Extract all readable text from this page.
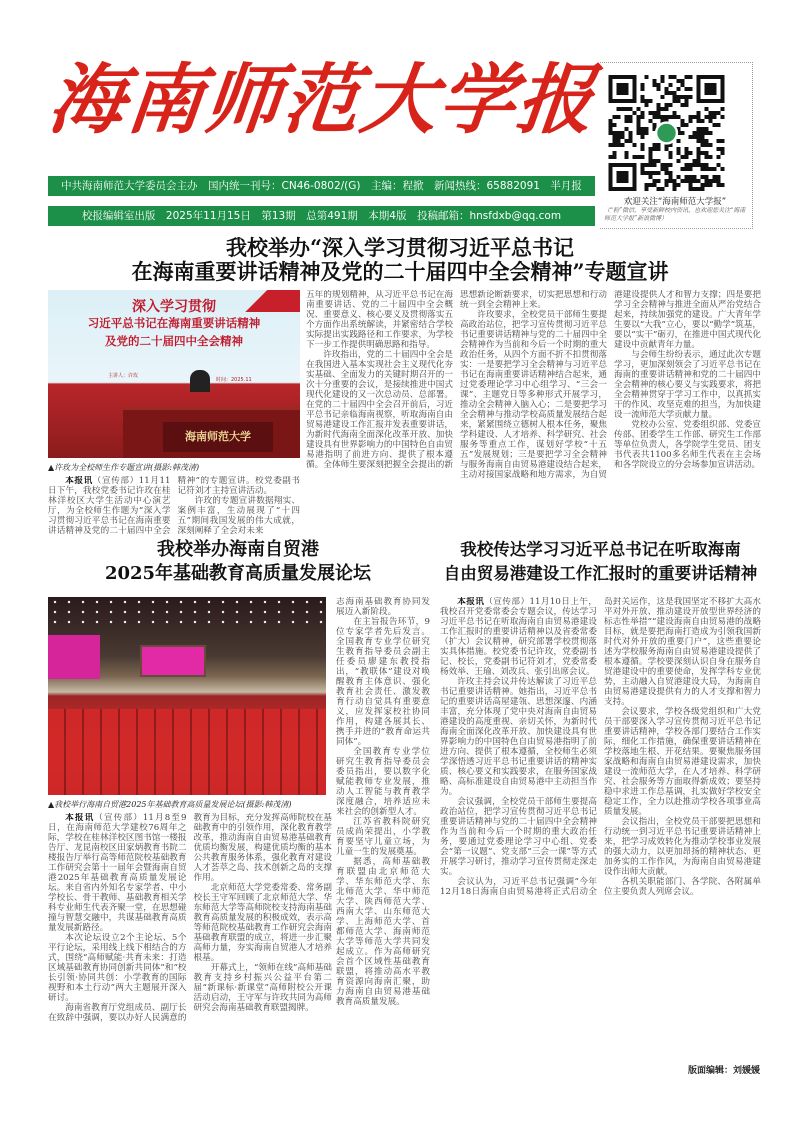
海南师范大学报
中共海南师范大学委员会主办　国内统一刊号：CN46-0802/(G)　主编：程掀　新闻热线：65882091　半月报
校报编辑室出版　2025年11月15日　第13期　总第491期　本期4版　投稿邮箱：hnsfdxb@qq.com
欢迎关注“海南师范大学报”
（“粉”微信，享受新鲜校内资讯，也欢迎您关注“海南师范大学报”新浪微博）
我校举办“深入学习贯彻习近平总书记
在海南重要讲话精神及党的二十届四中全会精神”专题宣讲
深入学习贯彻
习近平总书记在海南重要讲话精神
及党的二十届四中全会精神
主讲人：许玫
时间：2025.11
海南师范大学
▲许玫为全校师生作专题宣讲(摄影:韩茂清)

本报讯（宣传部）11月11日下午，我校党委书记许玫在桂林洋校区大学生活动中心演艺厅，为全校师生作题为“深入学习贯彻习近平总书记在海南重要讲话精神及党的二十届四中全会精神”的专题宣讲。校党委副书记符刘才主持宣讲活动。

许玫的专题宣讲数据翔实、案例丰富，生动展现了“十四五”期间我国发展的伟大成就，深刻阐释了全会对未来

五年的规划精神，从习近平总书记在海南重要讲话、党的二十届四中全会概况、重要意义、核心要义及贯彻落实五个方面作出系统解读，并紧密结合学校实际提出实践路径和工作要求，为学校下一步工作提供明确思路和指导。

许玫指出，党的二十届四中全会是在我国进入基本实现社会主义现代化夯实基础、全面发力的关键时期召开的一次十分重要的会议，是接续推进中国式现代化建设的又一次总动员、总部署。在党的二十届四中全会召开前后，习近平总书记亲临海南视察，听取海南自由贸易港建设工作汇报并发表重要讲话，为新时代海南全面深化改革开放、加快建设具有世界影响力的中国特色自由贸易港指明了前进方向、提供了根本遵循。全体师生要深刻把握全会提出的新思想新论断新要求，切实把思想和行动统一到全会精神上来。

许玫要求，全校党员干部师生要提高政治站位，把学习宣传贯彻习近平总书记重要讲话精神与党的二十届四中全会精神作为当前和今后一个时期的重大政治任务，从四个方面不折不扣贯彻落实：一是要把学习全会精神与习近平总书记在海南重要讲话精神结合起来，通过党委理论学习中心组学习、“三会一课”、主题党日等多种形式开展学习，推动全会精神入脑入心；二是要把学习全会精神与推动学校高质量发展结合起来，紧紧围绕立德树人根本任务，聚焦学科建设、人才培养、科学研究、社会服务等重点工作，谋划好学校“十五五”发展规划；三是要把学习全会精神与服务海南自由贸易港建设结合起来，主动对接国家战略和地方需求，为自贸港建设提供人才和智力支撑；四是要把学习全会精神与推进全面从严治党结合起来，持续加强党的建设。广大青年学生要以“大我”立心，要以“勤学”筑基，要以“实干”砺刃，在推进中国式现代化建设中贡献青年力量。

与会师生纷纷表示，通过此次专题学习，更加深刻领会了习近平总书记在海南的重要讲话精神和党的二十届四中全会精神的核心要义与实践要求，将把全会精神贯穿于学习工作中，以真抓实干的作风、攻坚克难的担当，为加快建设一流师范大学贡献力量。

党校办公室、党委组织部、党委宣传部、团委学生工作部、研究生工作部等单位负责人，各学院学生党员、团支书代表共1100多名师生代表在主会场和各学院设立的分会场参加宣讲活动。

我校举办海南自贸港
2025年基础教育高质量发展论坛
▲我校举行海南自贸港2025年基础教育高质量发展论坛(摄影:韩茂清)

本报讯（宣传部）11月8至9日，在海南师范大学建校76周年之际，学校在桂林洋校区图书馆一楼报告厅、龙昆南校区田家炳教育书院二楼报告厅举行高等师范院校基础教育工作研究会第十一届年会暨海南自贸港2025年基础教育高质量发展论坛。来自省内外知名专家学者、中小学校长、骨干教师、基础教育相关学科专业师生代表齐聚一堂，在思想碰撞与智慧交融中，共谋基础教育高质量发展新路径。

本次论坛设立2个主论坛、5个平行论坛，采用线上线下相结合的方式，围绕“高师赋能·共育未来：打造区域基础教育协同创新共同体”和“校长引领·协同共创：小学教育的国际视野和本土行动”两大主题展开深入研讨。

海南省教育厅党组成员、副厅长在致辞中强调，要以办好人民满意的教育为目标，充分发挥高师院校在基础教育中的引领作用，深化教育教学改革，推动海南自由贸易港基础教育优质均衡发展，构建优质均衡的基本公共教育服务体系，强化教育对建设人才荟萃之岛、技术创新之岛的支撑作用。

北京师范大学党委常委、常务副校长王守军回顾了北京师范大学、华东师范大学等高师院校支持海南基础教育高质量发展的积极成效，表示高等师范院校基础教育工作研究会海南基础教育联盟的成立，将进一步汇聚高师力量，夯实海南自贸港人才培养根基。

开幕式上，“领师在线”高师基础教育支持乡村振兴公益平台第二届“新课标·新课堂”高师附校公开课活动启动，王守军与许玫共同为高师研究会海南基础教育联盟揭牌。

志海南基础教育协同发展迈入新阶段。

在主旨报告环节，9位专家学者先后发言。全国教育专业学位研究生教育指导委员会副主任委员廖建东教授指出，“教联体”建设对唤醒教育主体意识、强化教育社会责任、激发教育行动自觉具有重要意义，应发挥家校社协同作用，构建各展其长、携手并进的“教育命运共同体”。

全国教育专业学位研究生教育指导委员会委员指出，要以数字化赋能教师专业发展，推动人工智能与教育教学深度融合，培养适应未来社会的创新型人才。

江苏省教科院研究员成尚荣提出，小学教育要坚守儿童立场，为儿童一生的发展奠基。

据悉，高师基础教育联盟由北京师范大学、华东师范大学、东北师范大学、华中师范大学、陕西师范大学、西南大学、山东师范大学、上海师范大学、首都师范大学、海南师范大学等师范大学共同发起成立。作为高师研究会首个区域性基础教育联盟，将推动高水平教育资源向海南汇聚，助力海南自由贸易港基础教育高质量发展。

我校传达学习习近平总书记在听取海南
自由贸易港建设工作汇报时的重要讲话精神

本报讯（宣传部）11月10日上午，我校召开党委常委会专题会议，传达学习习近平总书记在听取海南自由贸易港建设工作汇报时的重要讲话精神以及省委常委（扩大）会议精神，研究部署学校贯彻落实具体措施。校党委书记许玫，党委副书记、校长，党委副书记符刘才，党委常委杨效举、王瑜、刘改兵、张引出席会议。

许玫主持会议并传达解读了习近平总书记重要讲话精神。她指出，习近平总书记的重要讲话高屋建瓴、思想深邃、内涵丰富，充分体现了党中央对海南自由贸易港建设的高度重视、亲切关怀，为新时代海南全面深化改革开放、加快建设具有世界影响力的中国特色自由贸易港指明了前进方向、提供了根本遵循，全校师生必须学深悟透习近平总书记重要讲话的精神实质、核心要义和实践要求，在服务国家战略、高标准建设自由贸易港中主动担当作为。

会议强调，全校党员干部师生要提高政治站位，把学习宣传贯彻习近平总书记重要讲话精神与党的二十届四中全会精神作为当前和今后一个时期的重大政治任务，要通过党委理论学习中心组、党委会“第一议题”、党支部“三会一课”等方式开展学习研讨，推动学习宣传贯彻走深走实。

会议认为，习近平总书记强调“今年12月18日海南自由贸易港将正式启动全岛封关运作，这是我国坚定不移扩大高水平对外开放、推动建设开放型世界经济的标志性举措”“建设海南自由贸易港的战略目标，就是要把海南打造成为引领我国新时代对外开放的重要门户”，这些重要论述为学校服务海南自由贸易港建设提供了根本遵循。学校要深刻认识自身在服务自贸港建设中的重要使命，发挥学科专业优势，主动融入自贸港建设大局，为海南自由贸易港建设提供有力的人才支撑和智力支持。

会议要求，学校各级党组织和广大党员干部要深入学习宣传贯彻习近平总书记重要讲话精神，学校各部门要结合工作实际，细化工作措施，确保重要讲话精神在学校落地生根、开花结果。要聚焦服务国家战略和海南自由贸易港建设需求，加快建设一流师范大学，在人才培养、科学研究、社会服务等方面取得新成效；要坚持稳中求进工作总基调，扎实做好学校安全稳定工作，全力以赴推动学校各项事业高质量发展。

会议指出，全校党员干部要把思想和行动统一到习近平总书记重要讲话精神上来，把学习成效转化为推动学校事业发展的强大动力，以更加昂扬的精神状态、更加务实的工作作风，为海南自由贸易港建设作出师大贡献。

各机关职能部门、各学院、各附属单位主要负责人列席会议。

版面编辑：刘媛媛
